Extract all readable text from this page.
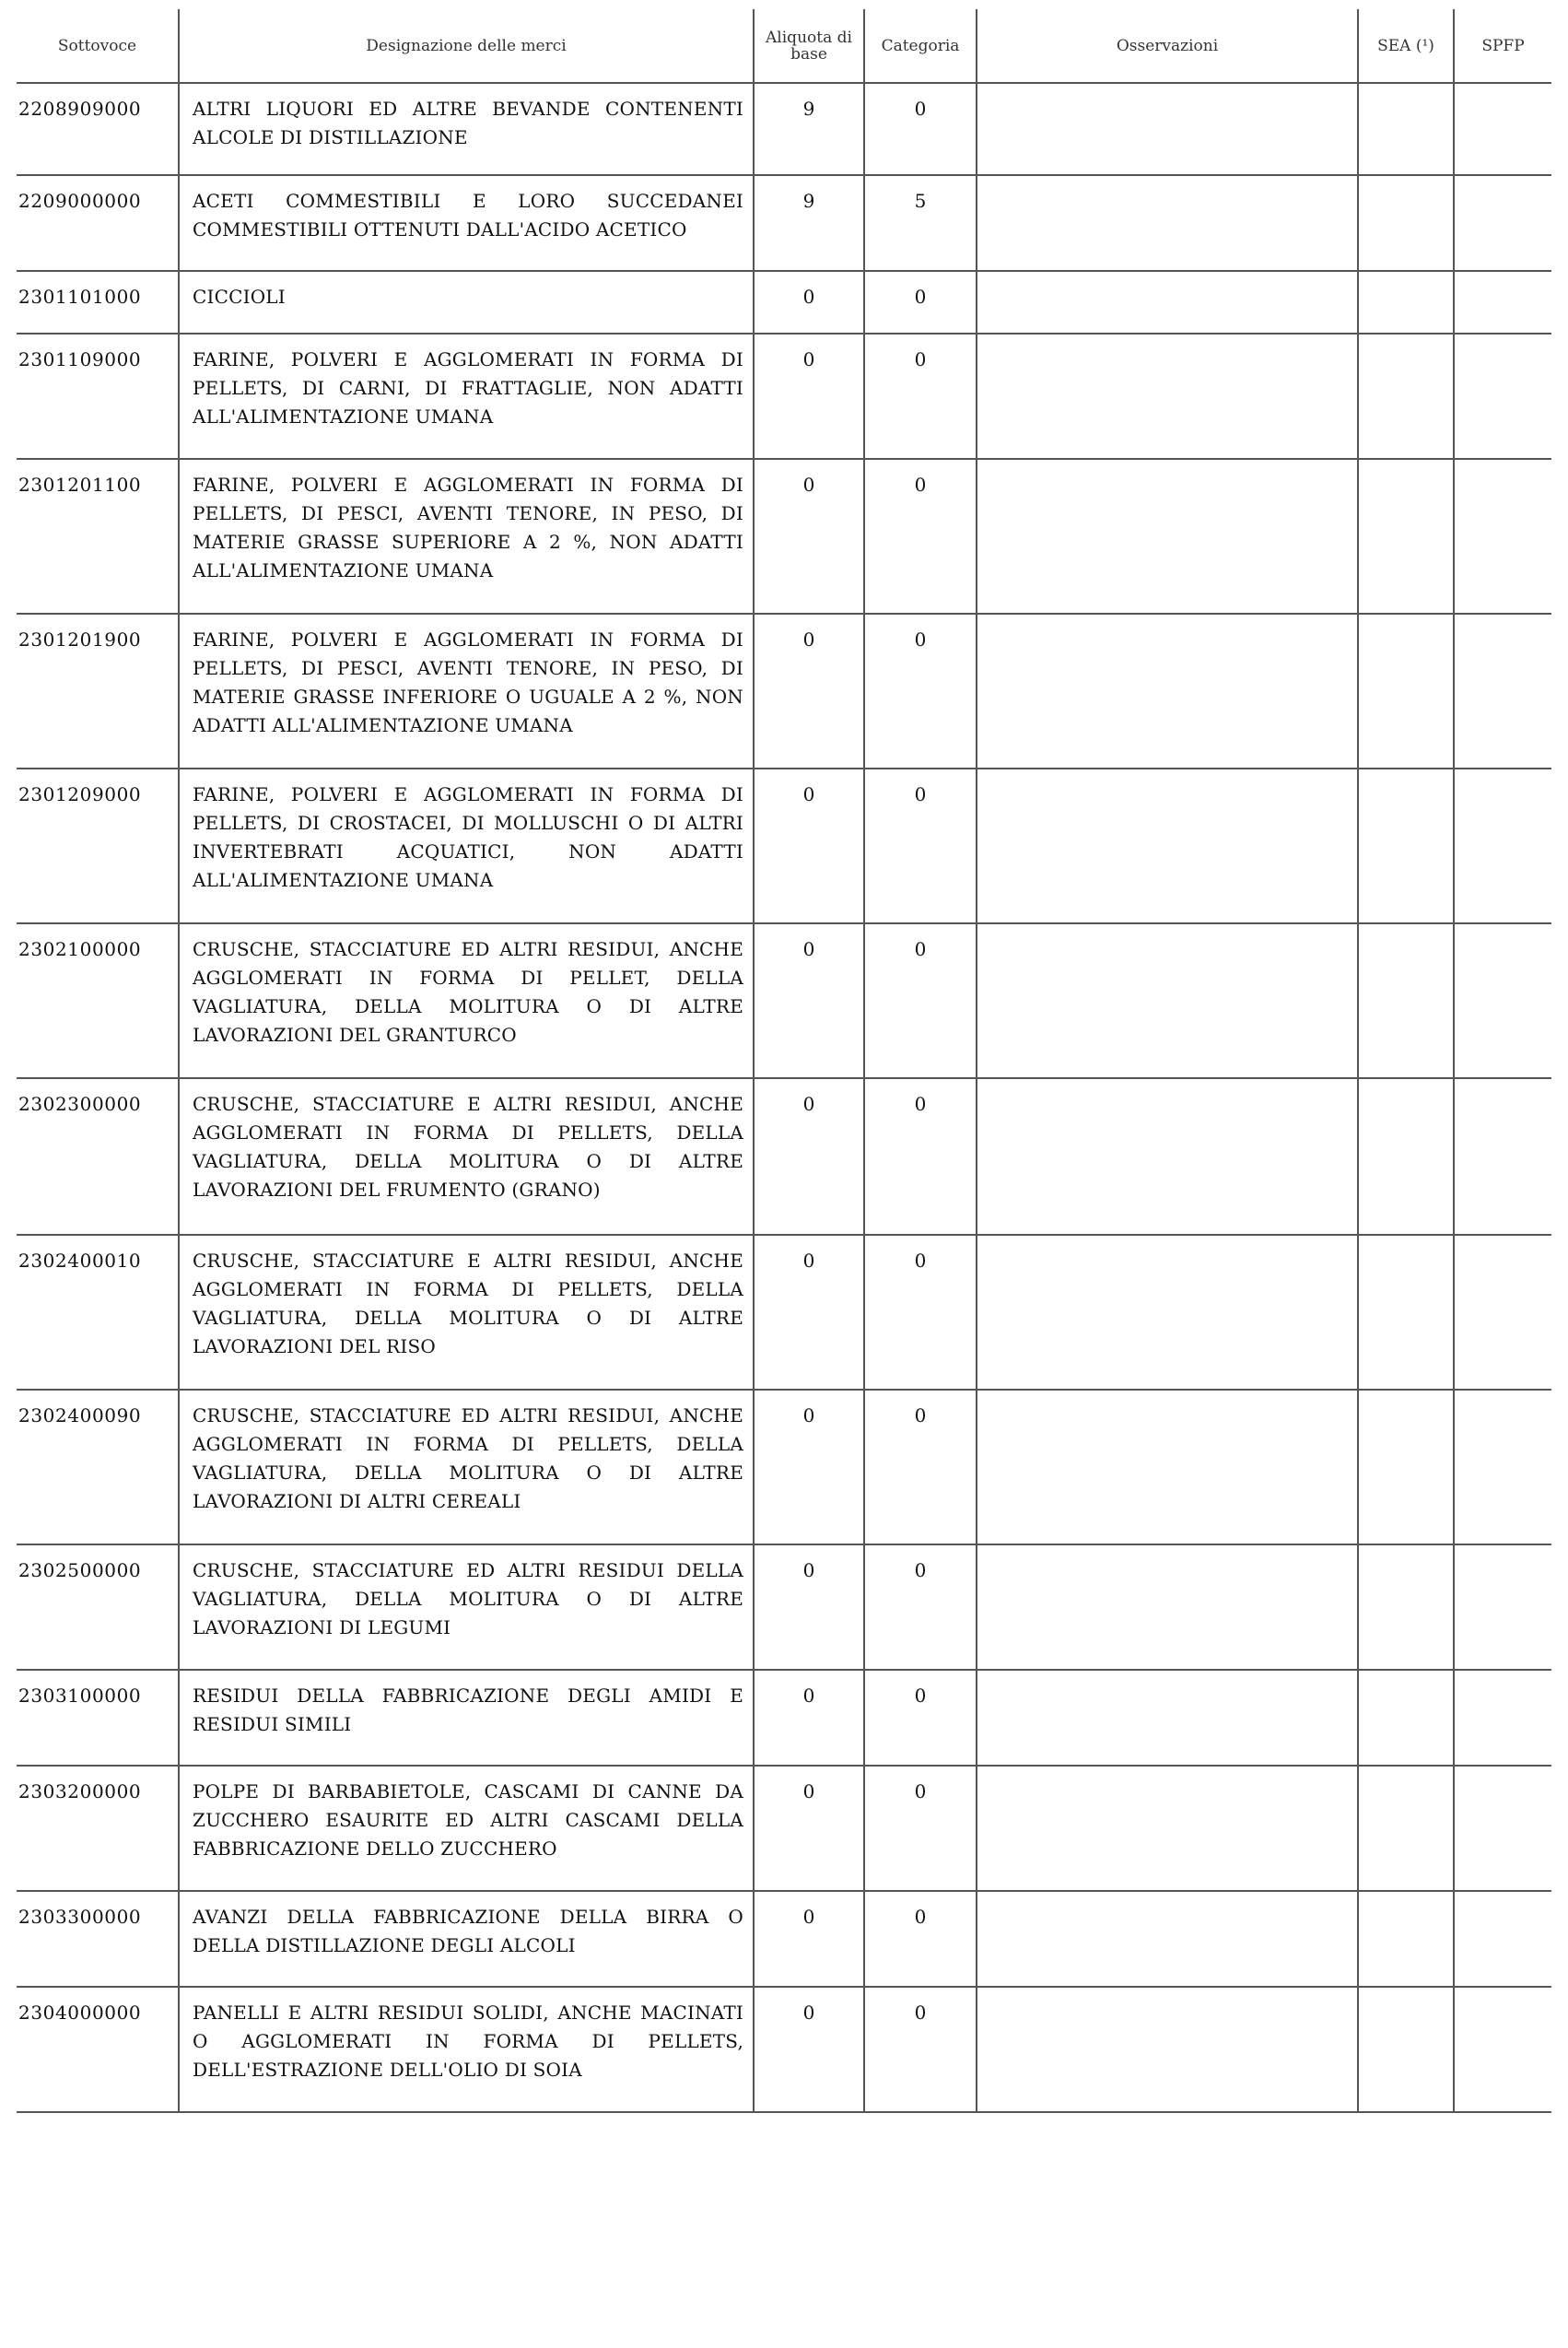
Sottovoce	Designazione delle merci	Aliquota di base	Categoria	Osservazioni	SEA (¹)	SPFP
2208909000	ALTRI LIQUORI ED ALTRE BEVANDE CONTENENTI ALCOLE DI DISTILLAZIONE	9	0			
2209000000	ACETI COMMESTIBILI E LORO SUCCEDANEI COMMESTIBILI OTTENUTI DALL'ACIDO ACETICO	9	5			
2301101000	CICCIOLI	0	0			
2301109000	FARINE, POLVERI E AGGLOMERATI IN FORMA DI PELLETS, DI CARNI, DI FRATTAGLIE, NON ADATTI ALL'ALIMENTAZIONE UMANA	0	0			
2301201100	FARINE, POLVERI E AGGLOMERATI IN FORMA DI PELLETS, DI PESCI, AVENTI TENORE, IN PESO, DI MATERIE GRASSE SUPERIORE A 2 %, NON ADATTI ALL'ALIMENTAZIONE UMANA	0	0			
2301201900	FARINE, POLVERI E AGGLOMERATI IN FORMA DI PELLETS, DI PESCI, AVENTI TENORE, IN PESO, DI MATERIE GRASSE INFERIORE O UGUALE A 2 %, NON ADATTI ALL'ALIMENTAZIONE UMANA	0	0			
2301209000	FARINE, POLVERI E AGGLOMERATI IN FORMA DI PELLETS, DI CROSTACEI, DI MOLLUSCHI O DI ALTRI INVERTEBRATI ACQUATICI, NON ADATTI ALL'ALIMENTAZIONE UMANA	0	0			
2302100000	CRUSCHE, STACCIATURE ED ALTRI RESIDUI, ANCHE AGGLOMERATI IN FORMA DI PELLET, DELLA VAGLIATURA, DELLA MOLITURA O DI ALTRE LAVORAZIONI DEL GRANTURCO	0	0			
2302300000	CRUSCHE, STACCIATURE E ALTRI RESIDUI, ANCHE AGGLOMERATI IN FORMA DI PELLETS, DELLA VAGLIATURA, DELLA MOLITURA O DI ALTRE LAVORAZIONI DEL FRUMENTO (GRANO)	0	0			
2302400010	CRUSCHE, STACCIATURE E ALTRI RESIDUI, ANCHE AGGLOMERATI IN FORMA DI PELLETS, DELLA VAGLIATURA, DELLA MOLITURA O DI ALTRE LAVORAZIONI DEL RISO	0	0			
2302400090	CRUSCHE, STACCIATURE ED ALTRI RESIDUI, ANCHE AGGLOMERATI IN FORMA DI PELLETS, DELLA VAGLIATURA, DELLA MOLITURA O DI ALTRE LAVORAZIONI DI ALTRI CEREALI	0	0			
2302500000	CRUSCHE, STACCIATURE ED ALTRI RESIDUI DELLA VAGLIATURA, DELLA MOLITURA O DI ALTRE LAVORAZIONI DI LEGUMI	0	0			
2303100000	RESIDUI DELLA FABBRICAZIONE DEGLI AMIDI E RESIDUI SIMILI	0	0			
2303200000	POLPE DI BARBABIETOLE, CASCAMI DI CANNE DA ZUCCHERO ESAURITE ED ALTRI CASCAMI DELLA FABBRICAZIONE DELLO ZUCCHERO	0	0			
2303300000	AVANZI DELLA FABBRICAZIONE DELLA BIRRA O DELLA DISTILLAZIONE DEGLI ALCOLI	0	0			
2304000000	PANELLI E ALTRI RESIDUI SOLIDI, ANCHE MACINATI O AGGLOMERATI IN FORMA DI PELLETS, DELL'ESTRAZIONE DELL'OLIO DI SOIA	0	0			
